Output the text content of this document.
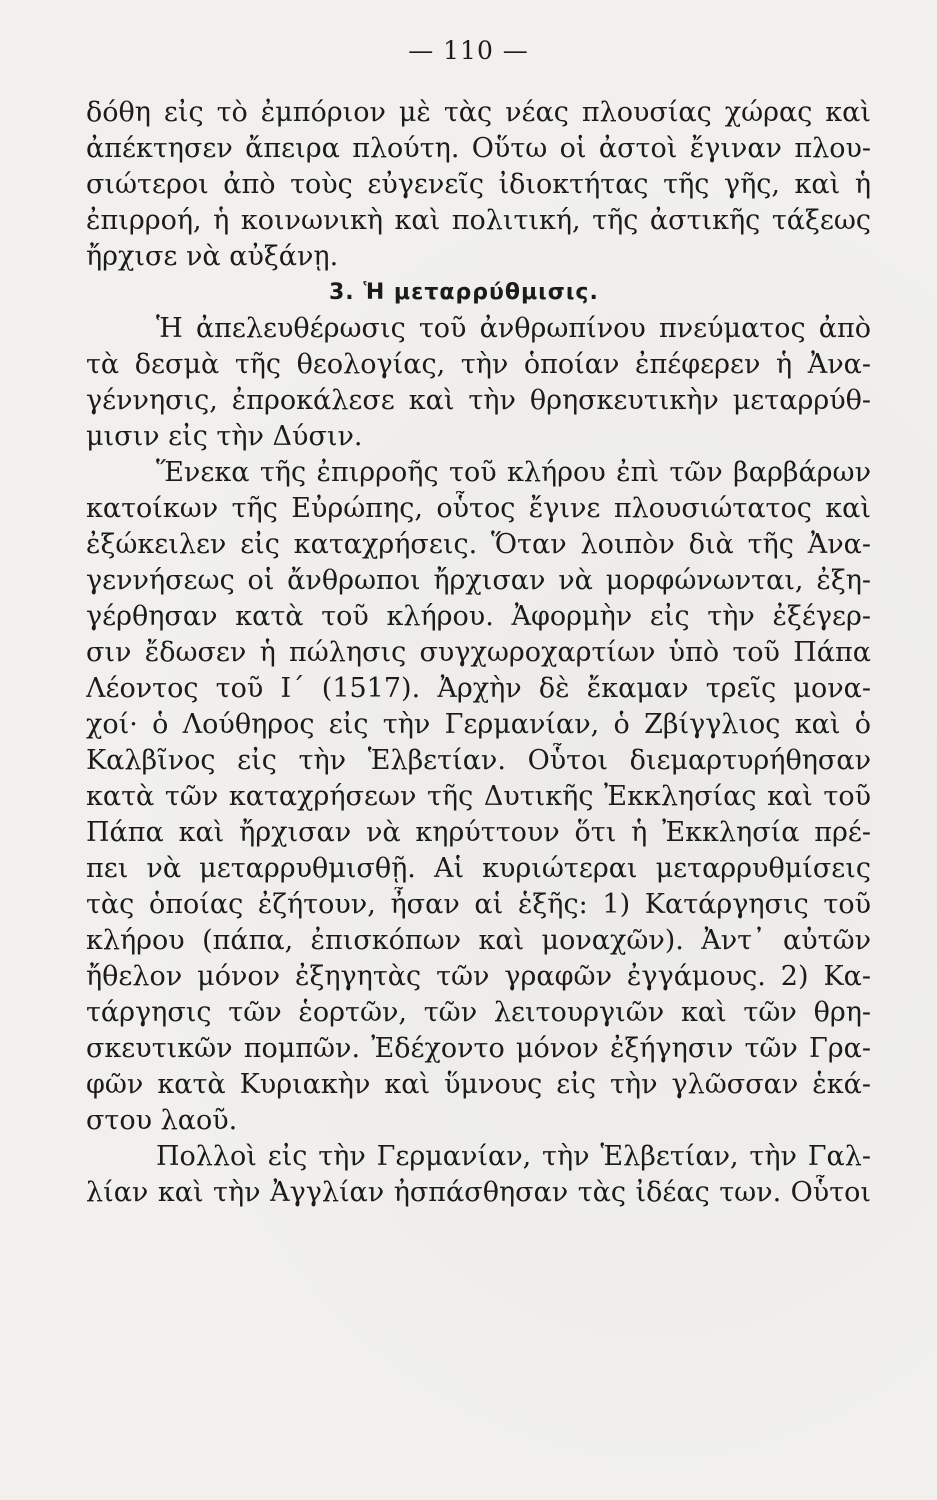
— 110 —
δόθη εἰς τὸ ἐμπόριον μὲ τὰς νέας πλουσίας χώρας καὶ
ἀπέκτησεν ἄπειρα πλούτη. Οὕτω οἱ ἀστοὶ ἔγιναν πλου-
σιώτεροι ἀπὸ τοὺς εὐγενεῖς ἰδιοκτήτας τῆς γῆς, καὶ ἡ
ἐπιρροή, ἡ κοινωνικὴ καὶ πολιτική, τῆς ἀστικῆς τάξεως
ἤρχισε νὰ αὐξάνῃ.
3. Ἡ μεταρρύθμισις.
Ἡ ἀπελευθέρωσις τοῦ ἀνθρωπίνου πνεύματος ἀπὸ
τὰ δεσμὰ τῆς θεολογίας, τὴν ὁποίαν ἐπέφερεν ἡ Ἀνα-
γέννησις, ἐπροκάλεσε καὶ τὴν θρησκευτικὴν μεταρρύθ-
μισιν εἰς τὴν Δύσιν.
Ἕνεκα τῆς ἐπιρροῆς τοῦ κλήρου ἐπὶ τῶν βαρβάρων
κατοίκων τῆς Εὐρώπης, οὗτος ἔγινε πλουσιώτατος καὶ
ἐξώκειλεν εἰς καταχρήσεις. Ὅταν λοιπὸν διὰ τῆς Ἀνα-
γεννήσεως οἱ ἄνθρωποι ἤρχισαν νὰ μορφώνωνται, ἐξη-
γέρθησαν κατὰ τοῦ κλήρου. Ἀφορμὴν εἰς τὴν ἐξέγερ-
σιν ἔδωσεν ἡ πώλησις συγχωροχαρτίων ὑπὸ τοῦ Πάπα
Λέοντος τοῦ Ι´ (1517). Ἀρχὴν δὲ ἔκαμαν τρεῖς μονα-
χοί· ὁ Λούθηρος εἰς τὴν Γερμανίαν, ὁ Ζβίγγλιος καὶ ὁ
Καλβῖνος εἰς τὴν Ἑλβετίαν. Οὗτοι διεμαρτυρήθησαν
κατὰ τῶν καταχρήσεων τῆς Δυτικῆς Ἐκκλησίας καὶ τοῦ
Πάπα καὶ ἤρχισαν νὰ κηρύττουν ὅτι ἡ Ἐκκλησία πρέ-
πει νὰ μεταρρυθμισθῇ. Αἱ κυριώτεραι μεταρρυθμίσεις
τὰς ὁποίας ἐζήτουν, ἦσαν αἱ ἑξῆς: 1) Κατάργησις τοῦ
κλήρου (πάπα, ἐπισκόπων καὶ μοναχῶν). Ἀντ᾽ αὐτῶν
ἤθελον μόνον ἐξηγητὰς τῶν γραφῶν ἐγγάμους. 2) Κα-
τάργησις τῶν ἑορτῶν, τῶν λειτουργιῶν καὶ τῶν θρη-
σκευτικῶν πομπῶν. Ἐδέχοντο μόνον ἐξήγησιν τῶν Γρα-
φῶν κατὰ Κυριακὴν καὶ ὕμνους εἰς τὴν γλῶσσαν ἑκά-
στου λαοῦ.
Πολλοὶ εἰς τὴν Γερμανίαν, τὴν Ἑλβετίαν, τὴν Γαλ-
λίαν καὶ τὴν Ἀγγλίαν ἠσπάσθησαν τὰς ἰδέας των. Οὗτοι
